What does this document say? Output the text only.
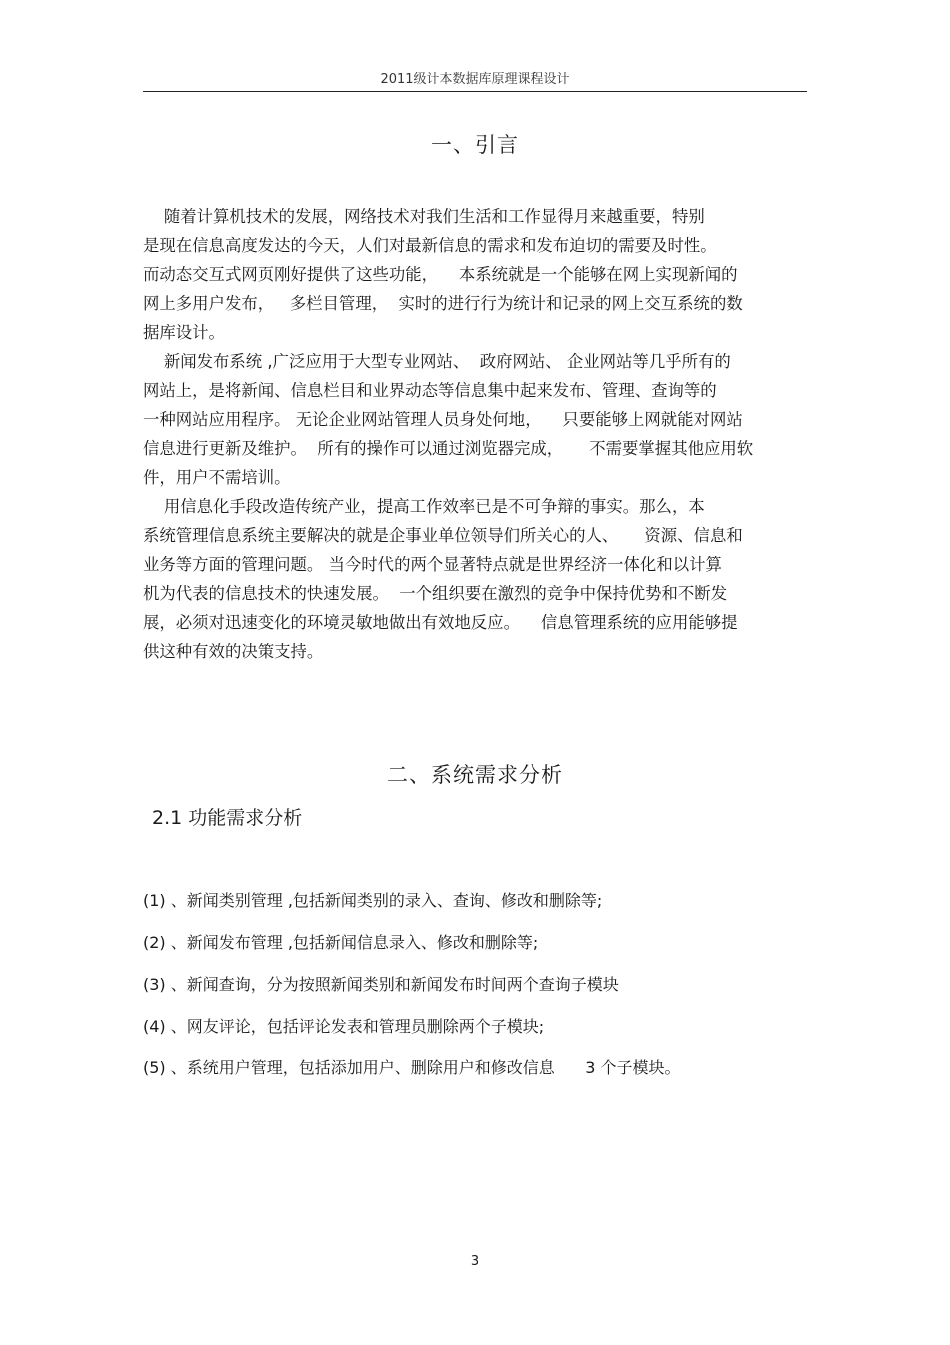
2011级计本数据库原理课程设计
一、引言
随着计算机技术的发展，网络技术对我们生活和工作显得月来越重要，特别
是现在信息高度发达的今天，人们对最新信息的需求和发布迫切的需要及时性。
而动态交互式网页刚好提供了这些功能，    本系统就是一个能够在网上实现新闻的
网上多用户发布，   多栏目管理，  实时的进行行为统计和记录的网上交互系统的数
据库设计。
新闻发布系统 ,广泛应用于大型专业网站、  政府网站、 企业网站等几乎所有的
网站上，是将新闻、信息栏目和业界动态等信息集中起来发布、管理、查询等的
一种网站应用程序。 无论企业网站管理人员身处何地，    只要能够上网就能对网站
信息进行更新及维护。  所有的操作可以通过浏览器完成，     不需要掌握其他应用软
件，用户不需培训。
用信息化手段改造传统产业，提高工作效率已是不可争辩的事实。那么，本
系统管理信息系统主要解决的就是企事业单位领导们所关心的人、     资源、信息和
业务等方面的管理问题。 当今时代的两个显著特点就是世界经济一体化和以计算
机为代表的信息技术的快速发展。  一个组织要在激烈的竞争中保持优势和不断发
展，必须对迅速变化的环境灵敏地做出有效地反应。    信息管理系统的应用能够提
供这种有效的决策支持。
二、系统需求分析
2.1 功能需求分析
(1) 、新闻类别管理 ,包括新闻类别的录入、查询、修改和删除等;
(2) 、新闻发布管理 ,包括新闻信息录入、修改和删除等;
(3) 、新闻查询，分为按照新闻类别和新闻发布时间两个查询子模块
(4) 、网友评论，包括评论发表和管理员删除两个子模块;
(5) 、系统用户管理，包括添加用户、删除用户和修改信息      3 个子模块。
3
